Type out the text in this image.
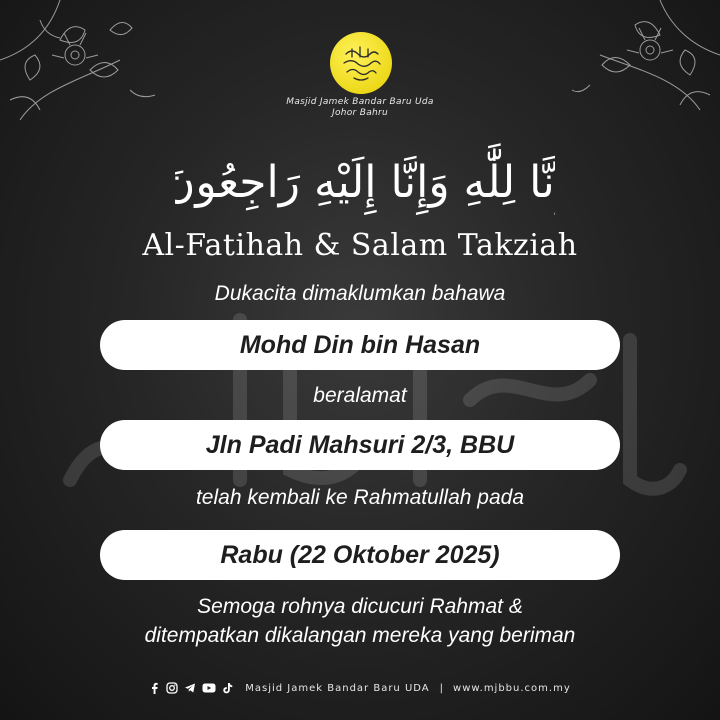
Masjid Jamek Bandar Baru Uda
Johor Bahru
إِنَّا لِلَّٰهِ وَإِنَّا إِلَيْهِ رَاجِعُونَ
Al-Fatihah & Salam Takziah
Dukacita dimaklumkan bahawa
Mohd Din bin Hasan
beralamat
Jln Padi Mahsuri 2/3, BBU
telah kembali ke Rahmatullah pada
Rabu (22 Oktober 2025)
Semoga rohnya dicucuri Rahmat &
ditempatkan dikalangan mereka yang beriman
Masjid Jamek Bandar Baru UDA | www.mjbbu.com.my
